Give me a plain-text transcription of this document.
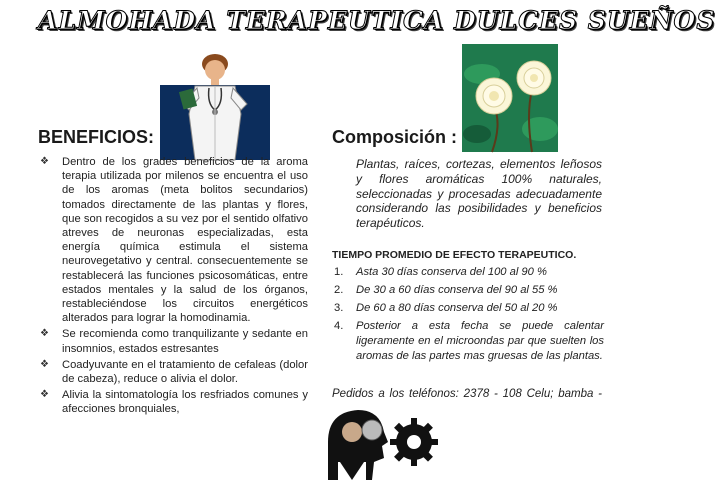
ALMOHADA TERAPEUTICA DULCES SUEÑOS
BENEFICIOS:	Composición :
❖ Dentro de los grades beneficios de la aroma terapia utilizada por milenos se encuentra el uso de los aromas (meta bolitos secundarios) tomados directamente de las plantas y flores, que son recogidos a su vez por el sentido olfativo atreves de neuronas especializadas, esta energía química estimula el sistema neurovegetativo y central. consecuentemente se restablecerá las funciones psicosomáticas, entre estados mentales y la salud de los órganos, restableciéndose los circuitos energéticos alterados para lograr la homodinamia.
❖ Se recomienda como tranquilizante y sedante en insomnios, estados estresantes
❖ Coadyuvante en el tratamiento de cefaleas (dolor de cabeza), reduce o alivia el dolor.
❖ Alivia la sintomatología los resfriados comunes y afecciones bronquiales,
Plantas, raíces, cortezas, elementos leñosos y flores aromáticas 100% naturales, seleccionadas y procesadas adecuadamente considerando las posibilidades y beneficios terapéuticos.
TIEMPO PROMEDIO DE EFECTO TERAPEUTICO.
1. Asta 30 días conserva del 100 al 90 %
2. De 30 a 60 días conserva del 90 al 55 %
3. De 60 a 80 días conserva del 50 al 20 %
4. Posterior a esta fecha se puede calentar ligeramente en el microondas par que suelten los aromas de las partes mas gruesas de las plantas.
Pedidos a los teléfonos: 2378 - 108 Celu; bamba -
